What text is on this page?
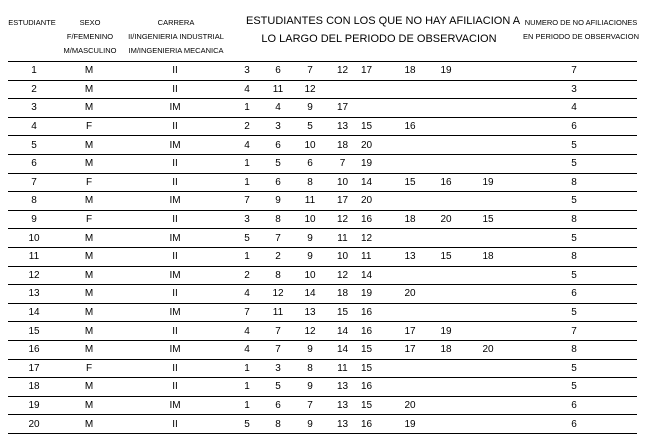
ESTUDIANTE	SEXO
F/FEMENINO
M/MASCULINO
CARRERA
II/INGENIERIA INDUSTRIAL
IM/INGENIERIA MECANICA
ESTUDIANTES CON LOS QUE NO HAY AFILIACION A
LO LARGO DEL PERIODO DE OBSERVACION
NUMERO DE NO AFILIACIONES
EN PERIODO DE OBSERVACION
1	M	II	3	6	7	12	17	18	19		7
2	M	II	4	11	12						3
3	M	IM	1	4	9	17					4
4	F	II	2	3	5	13	15	16			6
5	M	IM	4	6	10	18	20				5
6	M	II	1	5	6	7	19				5
7	F	II	1	6	8	10	14	15	16	19	8
8	M	IM	7	9	11	17	20				5
9	F	II	3	8	10	12	16	18	20	15	8
10	M	IM	5	7	9	11	12				5
11	M	II	1	2	9	10	11	13	15	18	8
12	M	IM	2	8	10	12	14				5
13	M	II	4	12	14	18	19	20			6
14	M	IM	7	11	13	15	16				5
15	M	II	4	7	12	14	16	17	19		7
16	M	IM	4	7	9	14	15	17	18	20	8
17	F	II	1	3	8	11	15				5
18	M	II	1	5	9	13	16				5
19	M	IM	1	6	7	13	15	20			6
20	M	II	5	8	9	13	16	19			6
